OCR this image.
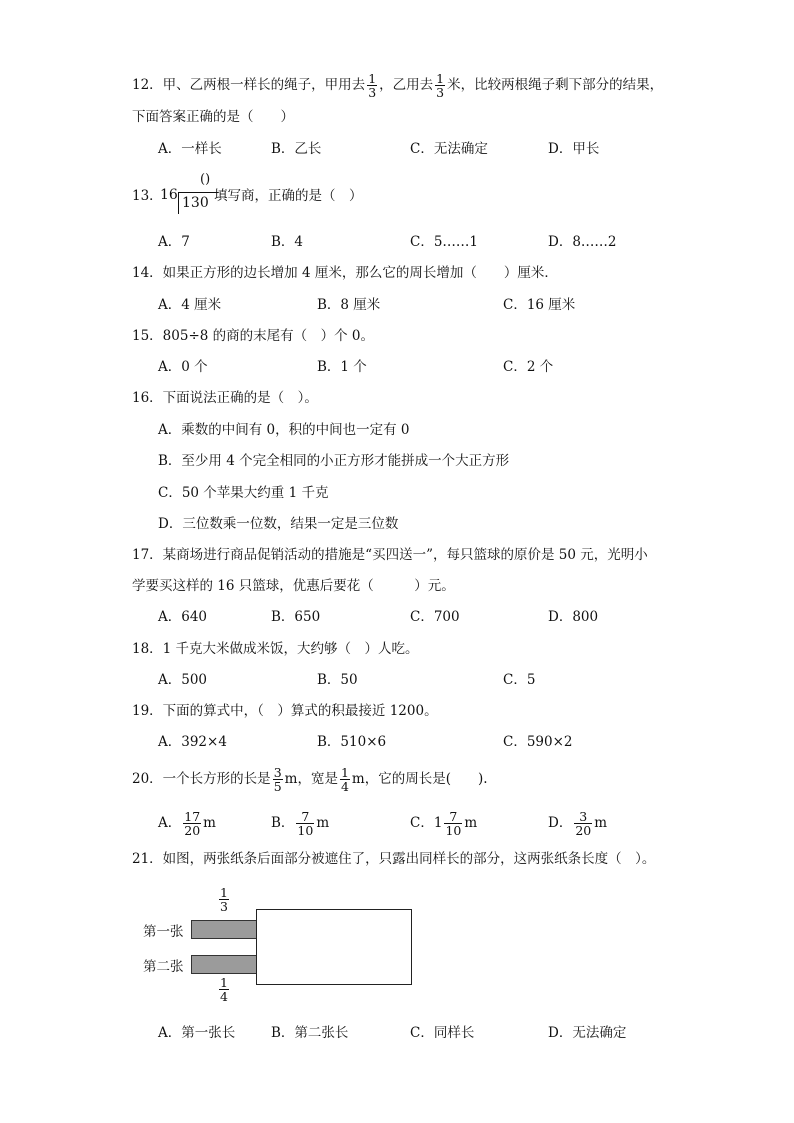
12．甲、乙两根一样长的绳子，甲用去 $\frac{1}{3}$ ，乙用去 $\frac{1}{3}$ 米，比较两根绳子剩下部分的结果，
下面答案正确的是（　　）
A．一样长	B．乙长	C．无法确定	D．甲长
13．
16
()
130 填写商，正确的是（　）
A．7	B．4	C．5……1	D．8……2
14．如果正方形的边长增加 4 厘米，那么它的周长增加（　　）厘米．
A．4 厘米	B．8 厘米	C．16 厘米
15．805÷8 的商的末尾有（　）个 0。
A．0 个	B．1 个	C．2 个
16．下面说法正确的是（　）。
A．乘数的中间有 0，积的中间也一定有 0
B．至少用 4 个完全相同的小正方形才能拼成一个大正方形
C．50 个苹果大约重 1 千克
D．三位数乘一位数，结果一定是三位数
17．某商场进行商品促销活动的措施是“买四送一”，每只篮球的原价是 50 元，光明小
学要买这样的 16 只篮球，优惠后要花（　　　）元。
A．640	B．650	C．700	D．800
18．1 千克大米做成米饭，大约够（　）人吃。
A．500	B．50	C．5
19．下面的算式中，（　）算式的积最接近 1200。
A．392×4	B．510×6	C．590×2
20．一个长方形的长是 $\frac{3}{5}$ m，宽是 $\frac{1}{4}$ m，它的周长是(　　).
A． $\frac{17}{20}$ m	B． $\frac{7}{10}$ m	C．$1 \frac{7}{10}$ m	D． $\frac{3}{20}$ m
21．如图，两张纸条后面部分被遮住了，只露出同样长的部分，这两张纸条长度（　）。
$\frac{1}{3}$
第一张
第二张
$\frac{1}{4}$
A．第一张长	B．第二张长	C．同样长	D．无法确定
